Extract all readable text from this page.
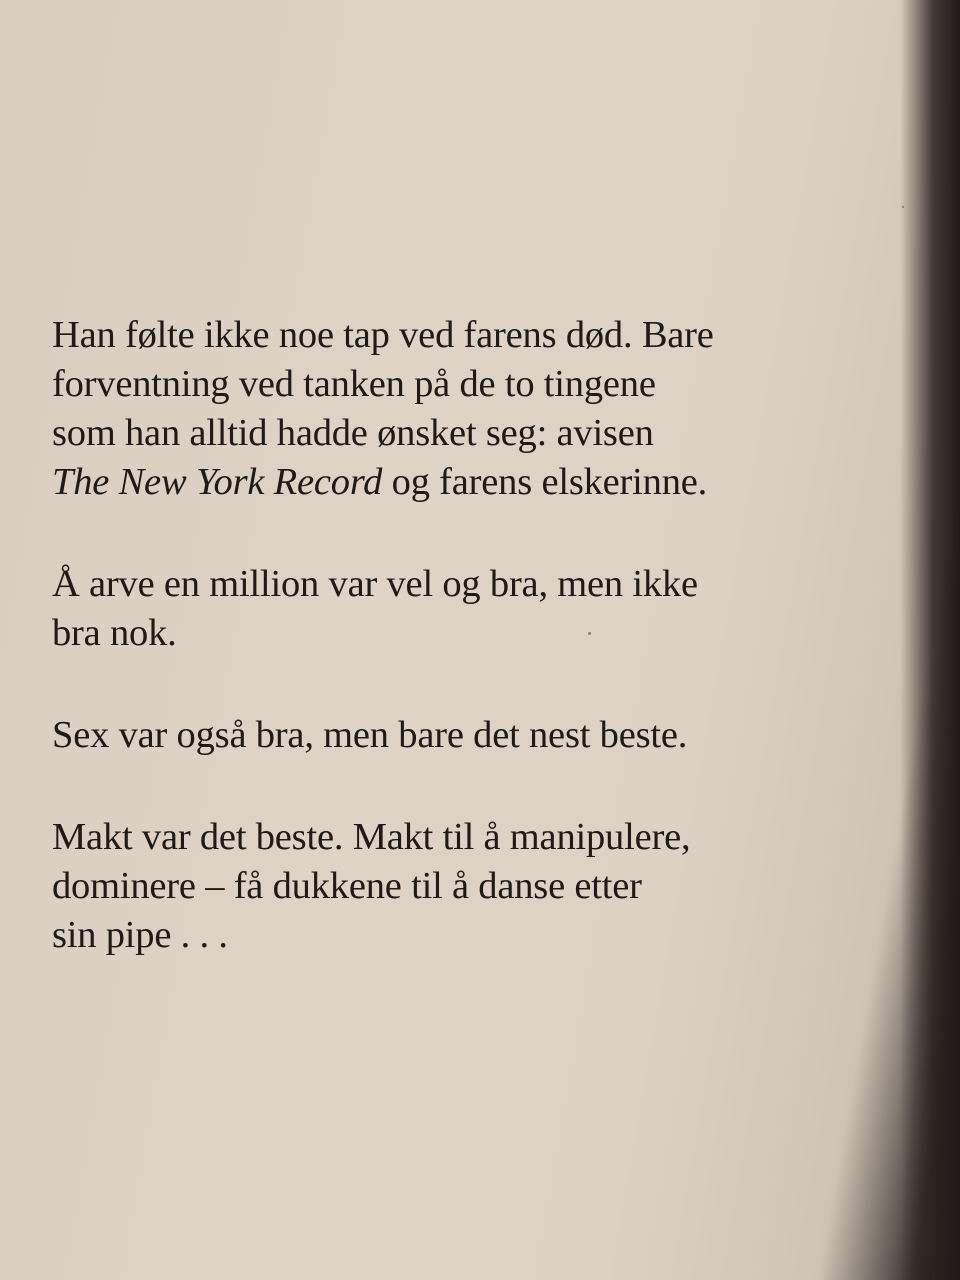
Han følte ikke noe tap ved farens død. Bare
forventning ved tanken på de to tingene
som han alltid hadde ønsket seg: avisen
The New York Record og farens elskerinne.

Å arve en million var vel og bra, men ikke
bra nok.

Sex var også bra, men bare det nest beste.

Makt var det beste. Makt til å manipulere,
dominere – få dukkene til å danse etter
sin pipe . . .
